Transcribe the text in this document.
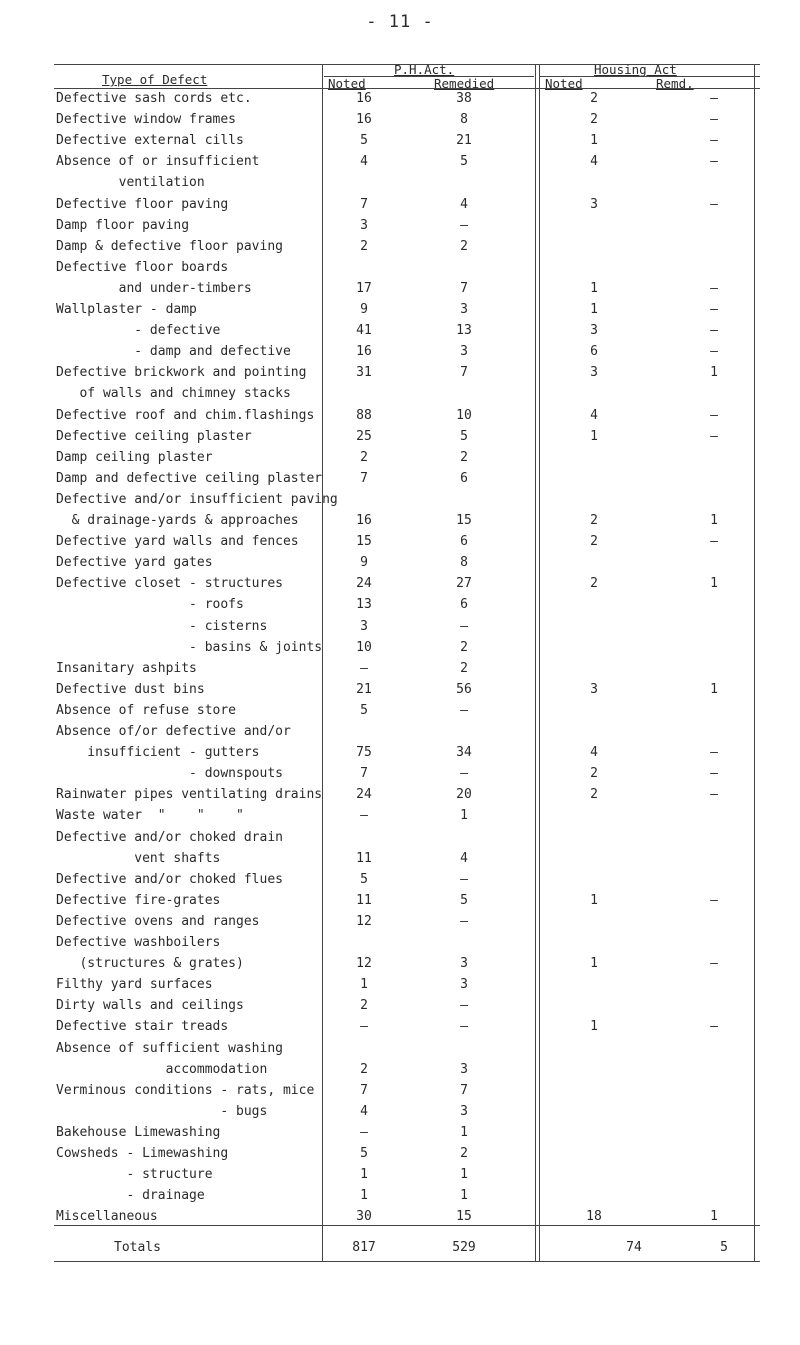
- 11 -
Type of Defect
P.H.Act.
Noted	Remedied
Housing Act
Noted	Remd.
Defective sash cords etc.	16	38	2	–
Defective window frames	16	8	2	–
Defective external cills	5	21	1	–
Absence of or insufficient	4	5	4	–
ventilation
Defective floor paving	7	4	3	–
Damp floor paving	3	–
Damp & defective floor paving	2	2
Defective floor boards
and under-timbers	17	7	1	–
Wallplaster - damp	9	3	1	–
- defective	41	13	3	–
- damp and defective	16	3	6	–
Defective brickwork and pointing	31	7	3	1
of walls and chimney stacks
Defective roof and chim.flashings	88	10	4	–
Defective ceiling plaster	25	5	1	–
Damp ceiling plaster	2	2
Damp and defective ceiling plaster	7	6
Defective and/or insufficient paving
& drainage-yards & approaches	16	15	2	1
Defective yard walls and fences	15	6	2	–
Defective yard gates	9	8
Defective closet - structures	24	27	2	1
- roofs	13	6
- cisterns	3	–
- basins & joints	10	2
Insanitary ashpits	–	2
Defective dust bins	21	56	3	1
Absence of refuse store	5	–
Absence of/or defective and/or
insufficient - gutters	75	34	4	–
- downspouts	7	–	2	–
Rainwater pipes ventilating drains	24	20	2	–
Waste water  "    "    "	–	1
Defective and/or choked drain
vent shafts	11	4
Defective and/or choked flues	5	–
Defective fire-grates	11	5	1	–
Defective ovens and ranges	12	–
Defective washboilers
(structures & grates)	12	3	1	–
Filthy yard surfaces	1	3
Dirty walls and ceilings	2	–
Defective stair treads	–	–	1	–
Absence of sufficient washing
accommodation	2	3
Verminous conditions - rats, mice	7	7
- bugs	4	3
Bakehouse Limewashing	–	1
Cowsheds - Limewashing	5	2
- structure	1	1
- drainage	1	1
Miscellaneous	30	15	18	1
Totals	817	529	74	5
